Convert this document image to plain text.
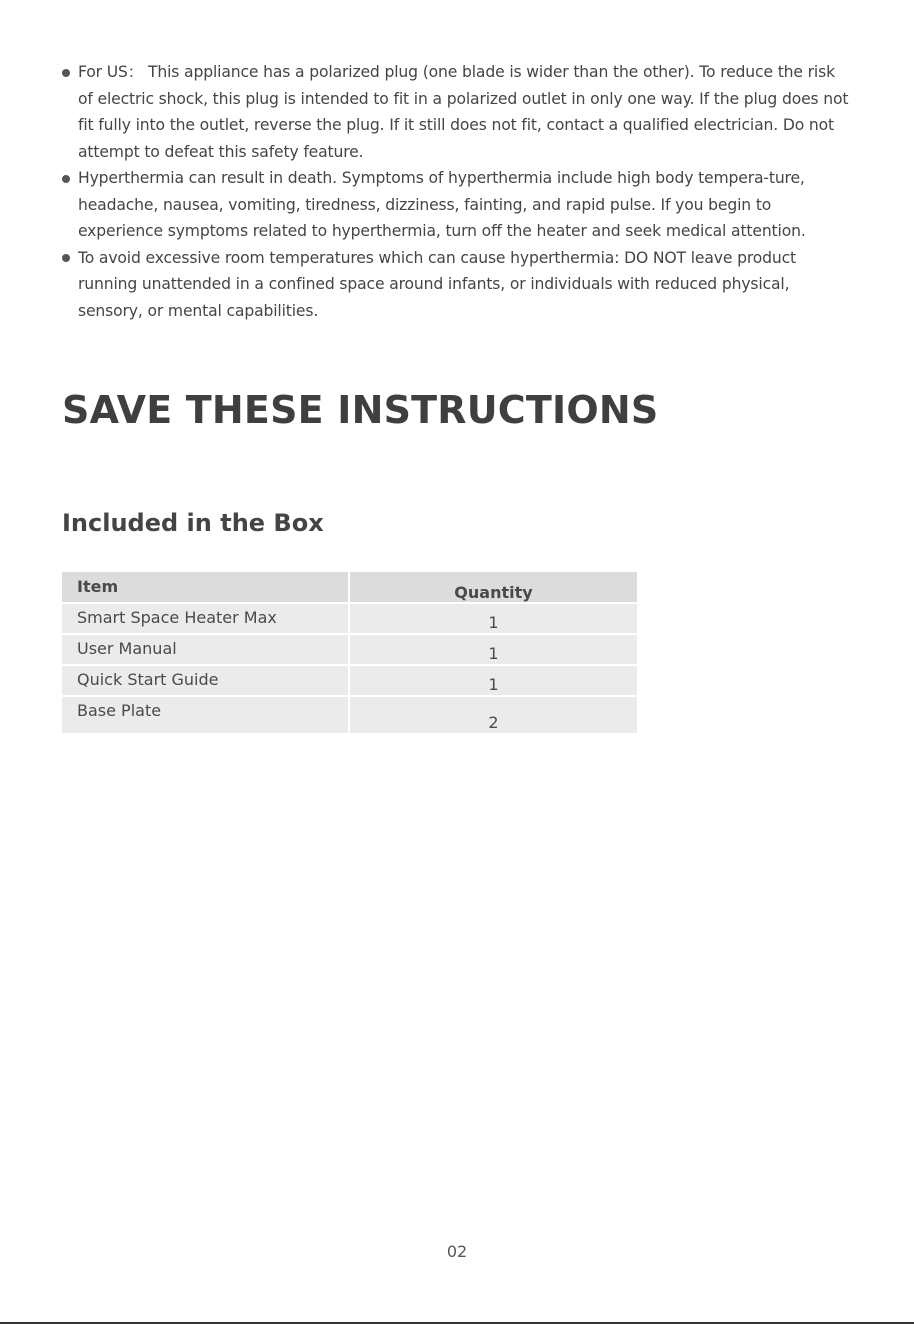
For US： This appliance has a polarized plug (one blade is wider than the other). To reduce the risk of electric shock, this plug is intended to fit in a polarized outlet in only one way. If the plug does not fit fully into the outlet, reverse the plug. If it still does not fit, contact a qualified electrician. Do not attempt to defeat this safety feature.
Hyperthermia can result in death. Symptoms of hyperthermia include high body tempera-ture, headache, nausea, vomiting, tiredness, dizziness, fainting, and rapid pulse. If you begin to experience symptoms related to hyperthermia, turn off the heater and seek medical attention.
To avoid excessive room temperatures which can cause hyperthermia: DO NOT leave product running unattended in a confined space around infants, or individuals with reduced physical, sensory, or mental capabilities.
SAVE THESE INSTRUCTIONS
Included in the Box
Item	Quantity
Smart Space Heater Max	1
User Manual	1
Quick Start Guide	1
Base Plate	2
02
